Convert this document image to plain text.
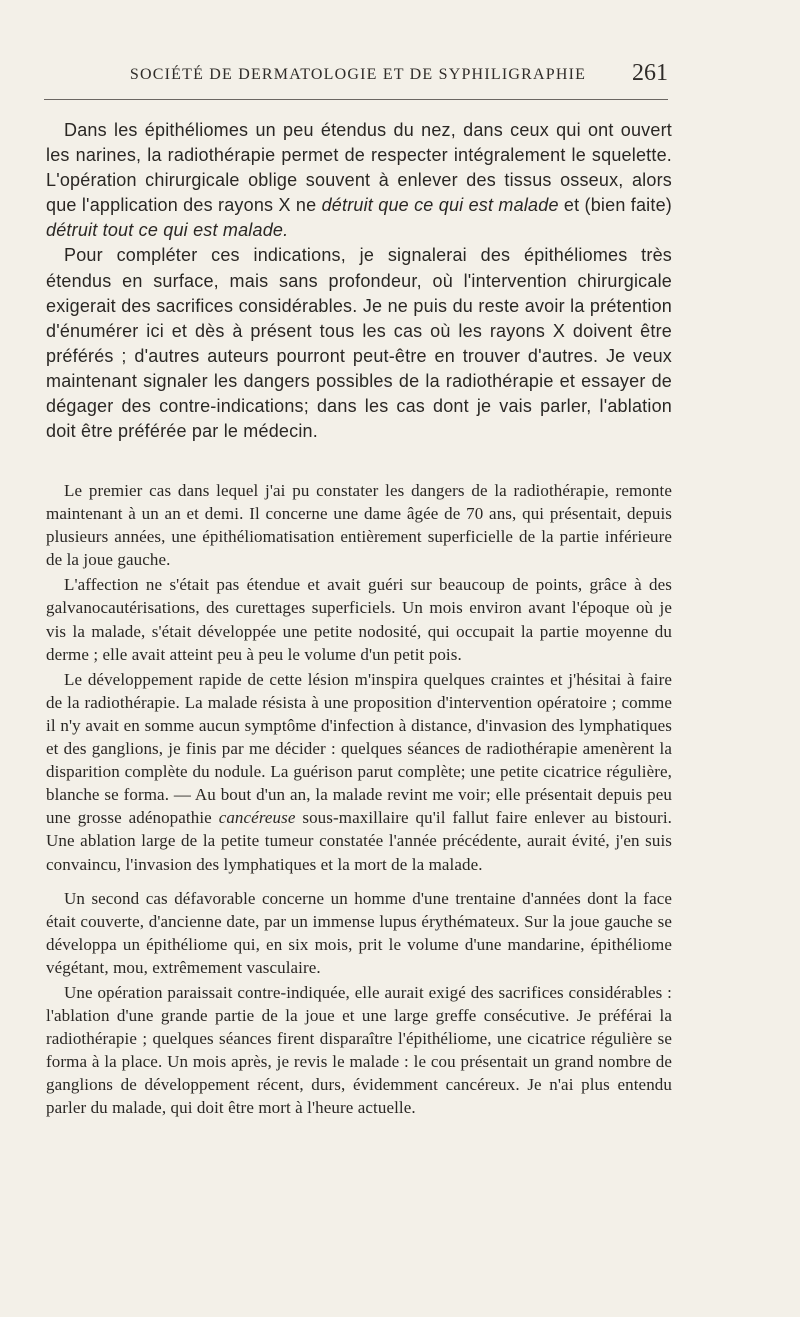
SOCIÉTÉ DE DERMATOLOGIE ET DE SYPHILIGRAPHIE	261

Dans les épithéliomes un peu étendus du nez, dans ceux qui ont ouvert les narines, la radiothérapie permet de respecter intégralement le squelette. L'opération chirurgicale oblige souvent à enlever des tissus osseux, alors que l'application des rayons X ne détruit que ce qui est malade et (bien faite) détruit tout ce qui est malade.

Pour compléter ces indications, je signalerai des épithéliomes très étendus en surface, mais sans profondeur, où l'intervention chirurgicale exigerait des sacrifices considérables. Je ne puis du reste avoir la prétention d'énumérer ici et dès à présent tous les cas où les rayons X doivent être préférés ; d'autres auteurs pourront peut-être en trouver d'autres. Je veux maintenant signaler les dangers possibles de la radiothérapie et essayer de dégager des contre-indications; dans les cas dont je vais parler, l'ablation doit être préférée par le médecin.

Le premier cas dans lequel j'ai pu constater les dangers de la radiothérapie, remonte maintenant à un an et demi. Il concerne une dame âgée de 70 ans, qui présentait, depuis plusieurs années, une épithéliomatisation entièrement superficielle de la partie inférieure de la joue gauche.

L'affection ne s'était pas étendue et avait guéri sur beaucoup de points, grâce à des galvanocautérisations, des curettages superficiels. Un mois environ avant l'époque où je vis la malade, s'était développée une petite nodosité, qui occupait la partie moyenne du derme ; elle avait atteint peu à peu le volume d'un petit pois.

Le développement rapide de cette lésion m'inspira quelques craintes et j'hésitai à faire de la radiothérapie. La malade résista à une proposition d'intervention opératoire ; comme il n'y avait en somme aucun symptôme d'infection à distance, d'invasion des lymphatiques et des ganglions, je finis par me décider : quelques séances de radiothérapie amenèrent la disparition complète du nodule. La guérison parut complète; une petite cicatrice régulière, blanche se forma. — Au bout d'un an, la malade revint me voir; elle présentait depuis peu une grosse adénopathie cancéreuse sous-maxillaire qu'il fallut faire enlever au bistouri. Une ablation large de la petite tumeur constatée l'année précédente, aurait évité, j'en suis convaincu, l'invasion des lymphatiques et la mort de la malade.

Un second cas défavorable concerne un homme d'une trentaine d'années dont la face était couverte, d'ancienne date, par un immense lupus érythémateux. Sur la joue gauche se développa un épithéliome qui, en six mois, prit le volume d'une mandarine, épithéliome végétant, mou, extrêmement vasculaire.

Une opération paraissait contre-indiquée, elle aurait exigé des sacrifices considérables : l'ablation d'une grande partie de la joue et une large greffe consécutive. Je préférai la radiothérapie ; quelques séances firent disparaître l'épithéliome, une cicatrice régulière se forma à la place. Un mois après, je revis le malade : le cou présentait un grand nombre de ganglions de développement récent, durs, évidemment cancéreux. Je n'ai plus entendu parler du malade, qui doit être mort à l'heure actuelle.
